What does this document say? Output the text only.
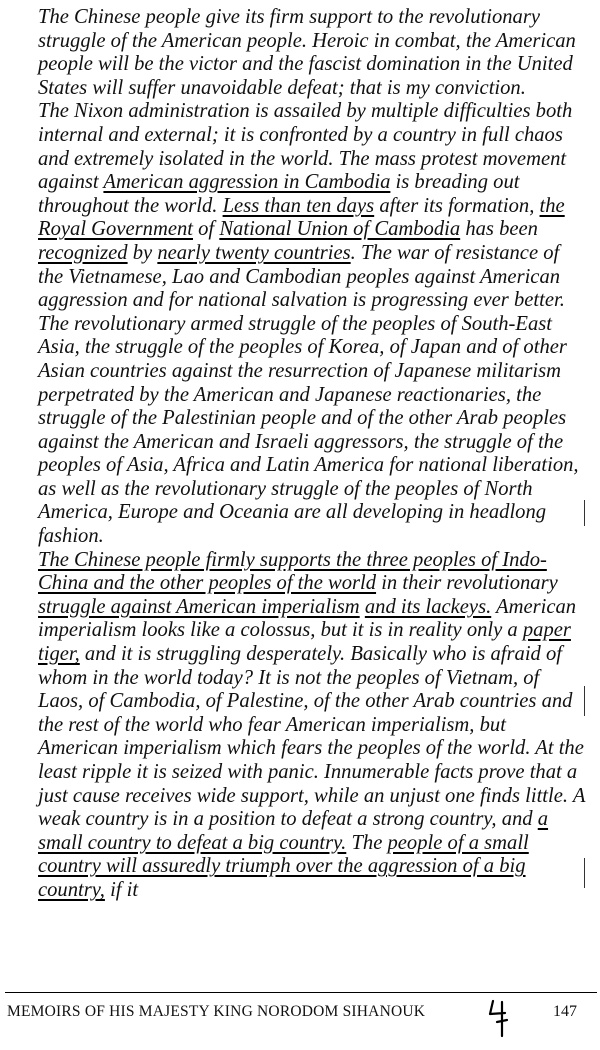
The Chinese people give its firm support to the revolutionary struggle of the American people. Heroic in combat, the American people will be the victor and the fascist domination in the United States will suffer unavoidable defeat; that is my conviction.

The Nixon administration is assailed by multiple difficulties both internal and external; it is confronted by a country in full chaos and extremely isolated in the world. The mass protest movement against American aggression in Cambodia is breading out throughout the world. Less than ten days after its formation, the Royal Government of National Union of Cambodia has been recognized by nearly twenty countries. The war of resistance of the Vietnamese, Lao and Cambodian peoples against American aggression and for national salvation is progressing ever better. The revolutionary armed struggle of the peoples of South-East Asia, the struggle of the peoples of Korea, of Japan and of other Asian countries against the resurrection of Japanese militarism perpetrated by the American and Japanese reactionaries, the struggle of the Palestinian people and of the other Arab peoples against the American and Israeli aggressors, the struggle of the peoples of Asia, Africa and Latin America for national liberation, as well as the revolutionary struggle of the peoples of North America, Europe and Oceania are all developing in headlong fashion.

The Chinese people firmly supports the three peoples of Indo-China and the other peoples of the world in their revolutionary struggle against American imperialism and its lackeys. American imperialism looks like a colossus, but it is in reality only a paper tiger, and it is struggling desperately. Basically who is afraid of whom in the world today? It is not the peoples of Vietnam, of Laos, of Cambodia, of Palestine, of the other Arab countries and the rest of the world who fear American imperialism, but American imperialism which fears the peoples of the world. At the least ripple it is seized with panic. Innumerable facts prove that a just cause receives wide support, while an unjust one finds little. A weak country is in a position to defeat a strong country, and a small country to defeat a big country. The people of a small country will assuredly triumph over the aggression of a big country, if it

MEMOIRS OF HIS MAJESTY KING NORODOM SIHANOUK	147
